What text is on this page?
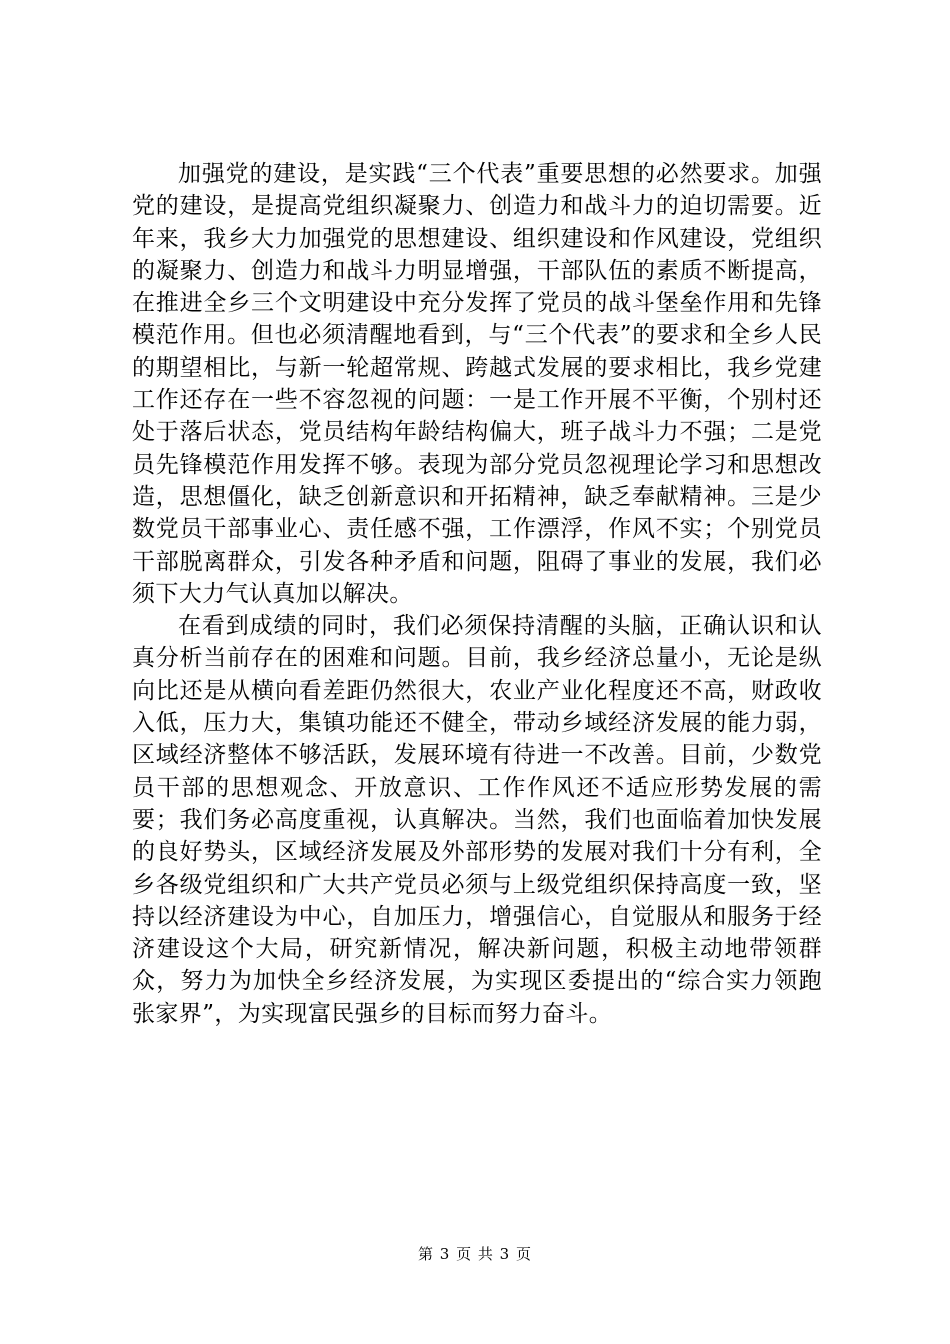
加强党的建设，是实践“三个代表”重要思想的必然要求。加强党的建设，是提高党组织凝聚力、创造力和战斗力的迫切需要。近年来，我乡大力加强党的思想建设、组织建设和作风建设，党组织的凝聚力、创造力和战斗力明显增强，干部队伍的素质不断提高，在推进全乡三个文明建设中充分发挥了党员的战斗堡垒作用和先锋模范作用。但也必须清醒地看到，与“三个代表”的要求和全乡人民的期望相比，与新一轮超常规、跨越式发展的要求相比，我乡党建工作还存在一些不容忽视的问题：一是工作开展不平衡，个别村还处于落后状态，党员结构年龄结构偏大，班子战斗力不强；二是党员先锋模范作用发挥不够。表现为部分党员忽视理论学习和思想改造，思想僵化，缺乏创新意识和开拓精神，缺乏奉献精神。三是少数党员干部事业心、责任感不强，工作漂浮，作风不实；个别党员干部脱离群众，引发各种矛盾和问题，阻碍了事业的发展，我们必须下大力气认真加以解决。

在看到成绩的同时，我们必须保持清醒的头脑，正确认识和认真分析当前存在的困难和问题。目前，我乡经济总量小，无论是纵向比还是从横向看差距仍然很大，农业产业化程度还不高，财政收入低，压力大，集镇功能还不健全，带动乡域经济发展的能力弱，区域经济整体不够活跃，发展环境有待进一不改善。目前，少数党员干部的思想观念、开放意识、工作作风还不适应形势发展的需要；我们务必高度重视，认真解决。当然，我们也面临着加快发展的良好势头，区域经济发展及外部形势的发展对我们十分有利，全乡各级党组织和广大共产党员必须与上级党组织保持高度一致，坚持以经济建设为中心，自加压力，增强信心，自觉服从和服务于经济建设这个大局，研究新情况，解决新问题，积极主动地带领群众，努力为加快全乡经济发展，为实现区委提出的“综合实力领跑张家界”，为实现富民强乡的目标而努力奋斗。

第 3 页 共 3 页
